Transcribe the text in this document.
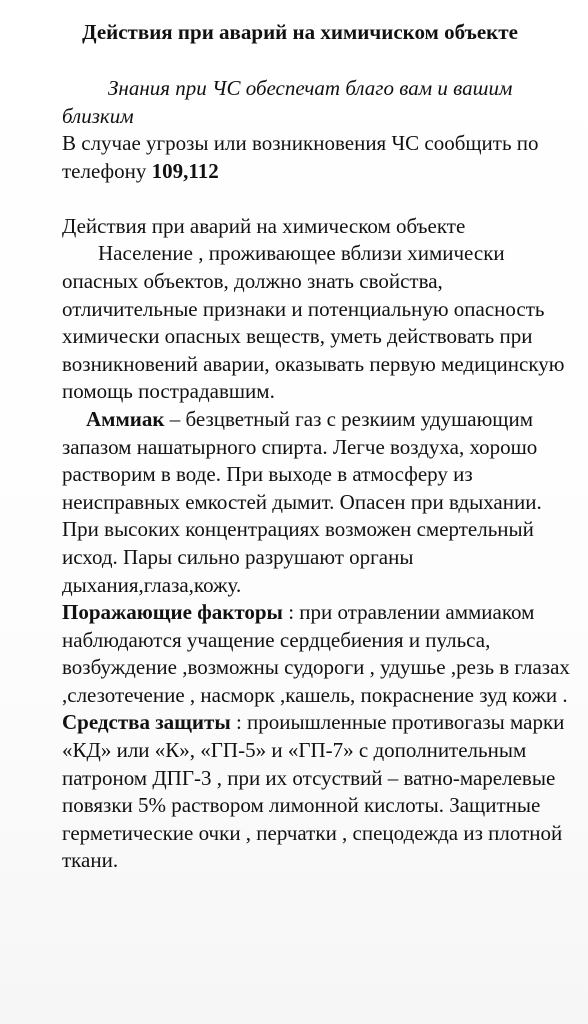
Действия при аварий на химичиском объекте
Знания при ЧС обеспечат благо вам и вашим близким

В случае угрозы или возникновения ЧС сообщить по телефону 109,112

Действия при аварий на химическом объекте

Население , проживающее вблизи химически опасных объектов, должно знать свойства, отличительные признаки и потенциальную опасность химически опасных веществ, уметь действовать при возникновений аварии, оказывать первую медицинскую помощь пострадавшим.

Аммиак – безцветный газ с резкиим удушающим запазом нашатырного спирта. Легче воздуха, хорошо растворим в воде. При выходе в атмосферу из неисправных емкостей дымит. Опасен при вдыхании. При высоких концентрациях возможен смертельный исход. Пары сильно разрушают органы дыхания,глаза,кожу.

Поражающие факторы : при отравлении аммиаком наблюдаются учащение сердцебиения и пульса, возбуждение ,возможны судороги , удушье ,резь в глазах ,слезотечение , насморк ,кашель, покраснение зуд кожи .

Средства защиты : проиышленные противогазы марки «КД» или «К», «ГП-5» и «ГП-7» с дополнительным патроном ДПГ-3 , при их отсуствий – ватно-марелевые повязки 5% раствором лимонной кислоты. Защитные герметические очки , перчатки , спецодежда из плотной ткани.
